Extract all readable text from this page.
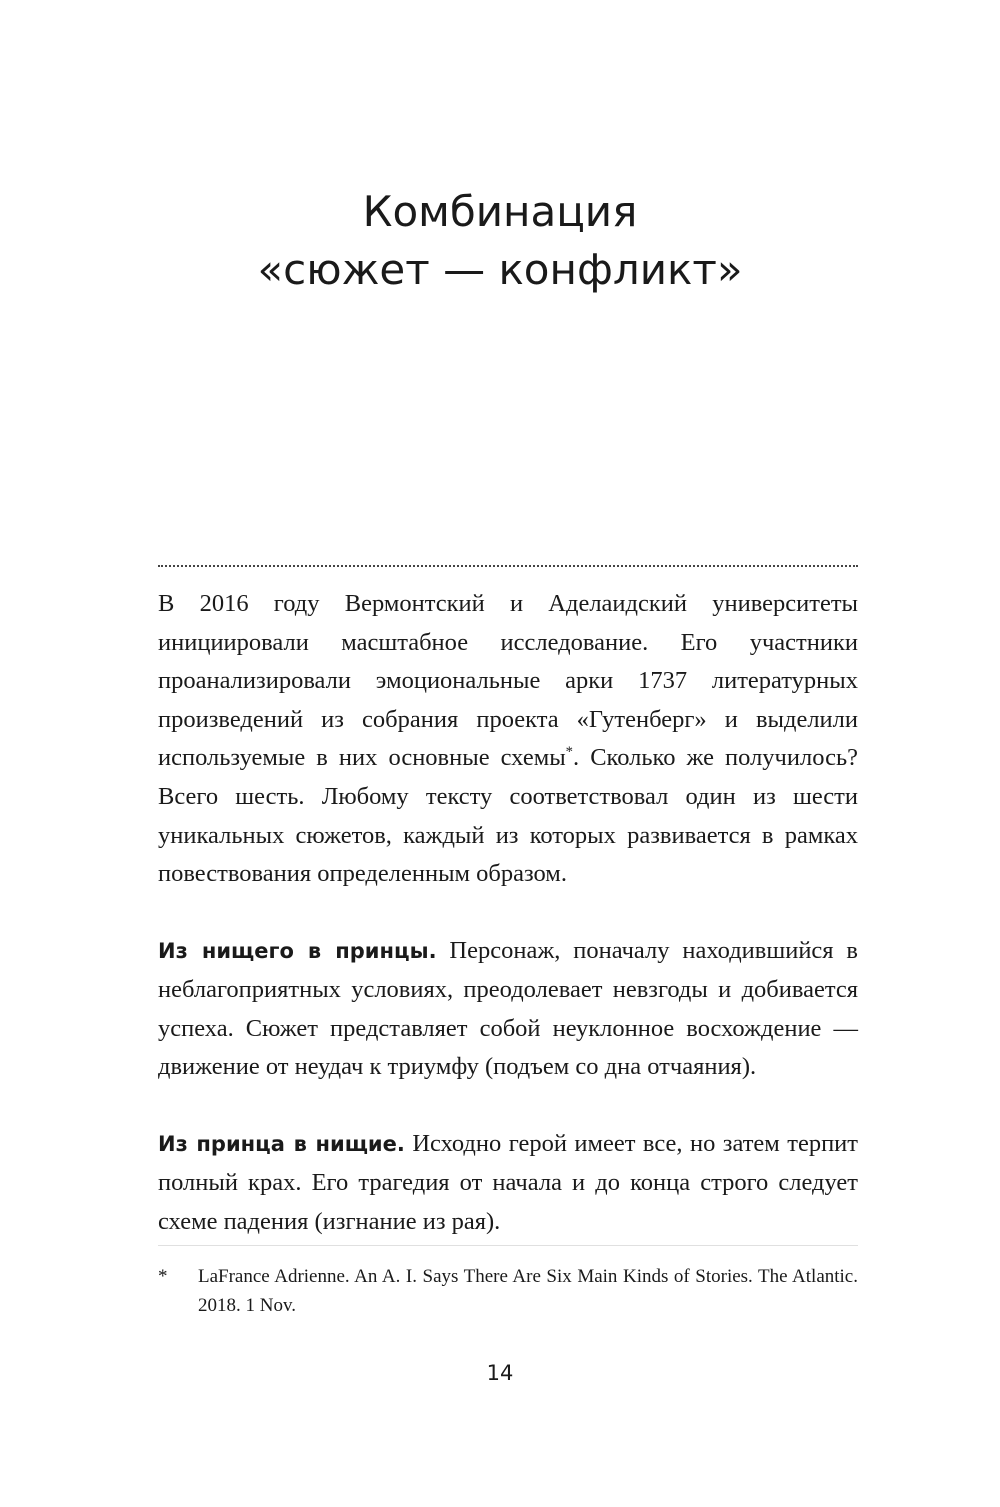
Комбинация
«сюжет — конфликт»

В 2016 году Вермонтский и Аделаидский университеты инициировали масштабное исследование. Его участники проанализировали эмоциональные арки 1737 литературных произведений из собрания проекта «Гутенберг» и выделили используемые в них основные схемы*. Сколько же получилось? Всего шесть. Любому тексту соответствовал один из шести уникальных сюжетов, каждый из которых развивается в рамках повествования определенным образом.

Из нищего в принцы. Персонаж, поначалу находившийся в неблагоприятных условиях, преодолевает невзгоды и добивается успеха. Сюжет представляет собой неуклонное восхождение — движение от неудач к триумфу (подъем со дна отчаяния).

Из принца в нищие. Исходно герой имеет все, но затем терпит полный крах. Его трагедия от начала и до конца строго следует схеме падения (изгнание из рая).

*	LaFrance Adrienne. An A. I. Says There Are Six Main Kinds of Stories. The Atlantic. 2018. 1 Nov.
14
